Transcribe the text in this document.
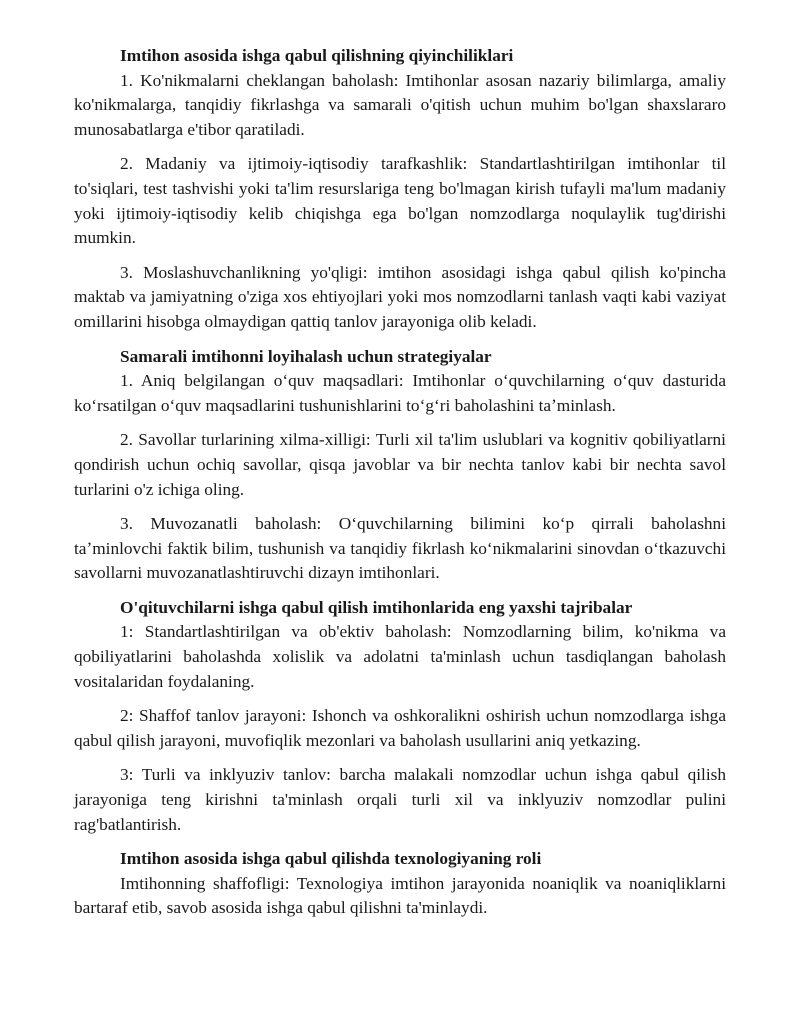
Imtihon asosida ishga qabul qilishning qiyinchiliklari

1. Ko'nikmalarni cheklangan baholash: Imtihonlar asosan nazariy bilimlarga, amaliy ko'nikmalarga, tanqidiy fikrlashga va samarali o'qitish uchun muhim bo'lgan shaxslararo munosabatlarga e'tibor qaratiladi.

2. Madaniy va ijtimoiy-iqtisodiy tarafkashlik: Standartlashtirilgan imtihonlar til to'siqlari, test tashvishi yoki ta'lim resurslariga teng bo'lmagan kirish tufayli ma'lum madaniy yoki ijtimoiy-iqtisodiy kelib chiqishga ega bo'lgan nomzodlarga noqulaylik tug'dirishi mumkin.

3. Moslashuvchanlikning yo'qligi: imtihon asosidagi ishga qabul qilish ko'pincha maktab va jamiyatning o'ziga xos ehtiyojlari yoki mos nomzodlarni tanlash vaqti kabi vaziyat omillarini hisobga olmaydigan qattiq tanlov jarayoniga olib keladi.

Samarali imtihonni loyihalash uchun strategiyalar

1. Aniq belgilangan oʻquv maqsadlari: Imtihonlar oʻquvchilarning oʻquv dasturida koʻrsatilgan oʻquv maqsadlarini tushunishlarini toʻgʻri baholashini taʼminlash.

2. Savollar turlarining xilma-xilligi: Turli xil ta'lim uslublari va kognitiv qobiliyatlarni qondirish uchun ochiq savollar, qisqa javoblar va bir nechta tanlov kabi bir nechta savol turlarini o'z ichiga oling.

3. Muvozanatli baholash: Oʻquvchilarning bilimini koʻp qirrali baholashni taʼminlovchi faktik bilim, tushunish va tanqidiy fikrlash koʻnikmalarini sinovdan oʻtkazuvchi savollarni muvozanatlashtiruvchi dizayn imtihonlari.

O'qituvchilarni ishga qabul qilish imtihonlarida eng yaxshi tajribalar

1: Standartlashtirilgan va ob'ektiv baholash: Nomzodlarning bilim, ko'nikma va qobiliyatlarini baholashda xolislik va adolatni ta'minlash uchun tasdiqlangan baholash vositalaridan foydalaning.

2: Shaffof tanlov jarayoni: Ishonch va oshkoralikni oshirish uchun nomzodlarga ishga qabul qilish jarayoni, muvofiqlik mezonlari va baholash usullarini aniq yetkazing.

3: Turli va inklyuziv tanlov: barcha malakali nomzodlar uchun ishga qabul qilish jarayoniga teng kirishni ta'minlash orqali turli xil va inklyuziv nomzodlar pulini rag'batlantirish.

Imtihon asosida ishga qabul qilishda texnologiyaning roli

Imtihonning shaffofligi: Texnologiya imtihon jarayonida noaniqlik va noaniqliklarni bartaraf etib, savob asosida ishga qabul qilishni ta'minlaydi.
